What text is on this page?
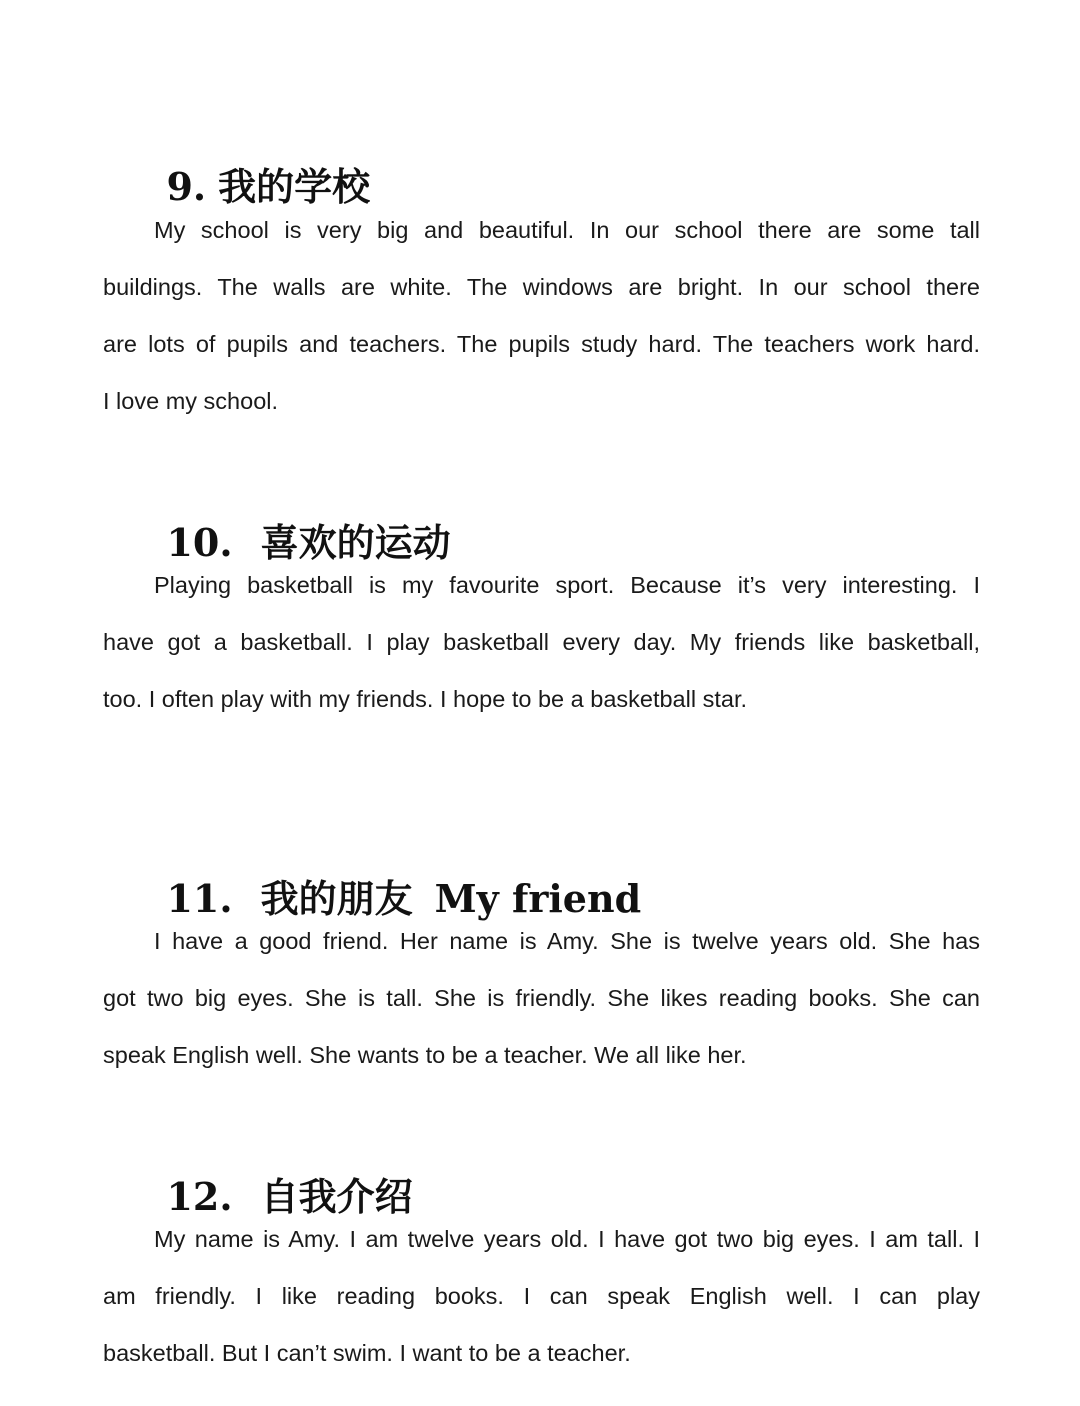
9. 我的学校

My school is very big and beautiful. In our school there are some tall
buildings. The walls are white. The windows are bright. In our school there
are lots of pupils and teachers. The pupils study hard. The teachers work hard.
I love my school.

10. 喜欢的运动

Playing basketball is my favourite sport. Because it’s very interesting. I
have got a basketball. I play basketball every day. My friends like basketball,
too. I often play with my friends. I hope to be a basketball star.

11. 我的朋友 My friend

I have a good friend. Her name is Amy. She is twelve years old. She has
got two big eyes. She is tall. She is friendly. She likes reading books. She can
speak English well. She wants to be a teacher. We all like her.

12. 自我介绍

My name is Amy. I am twelve years old. I have got two big eyes. I am tall. I
am friendly. I like reading books. I can speak English well. I can play
basketball. But I can’t swim. I want to be a teacher.
